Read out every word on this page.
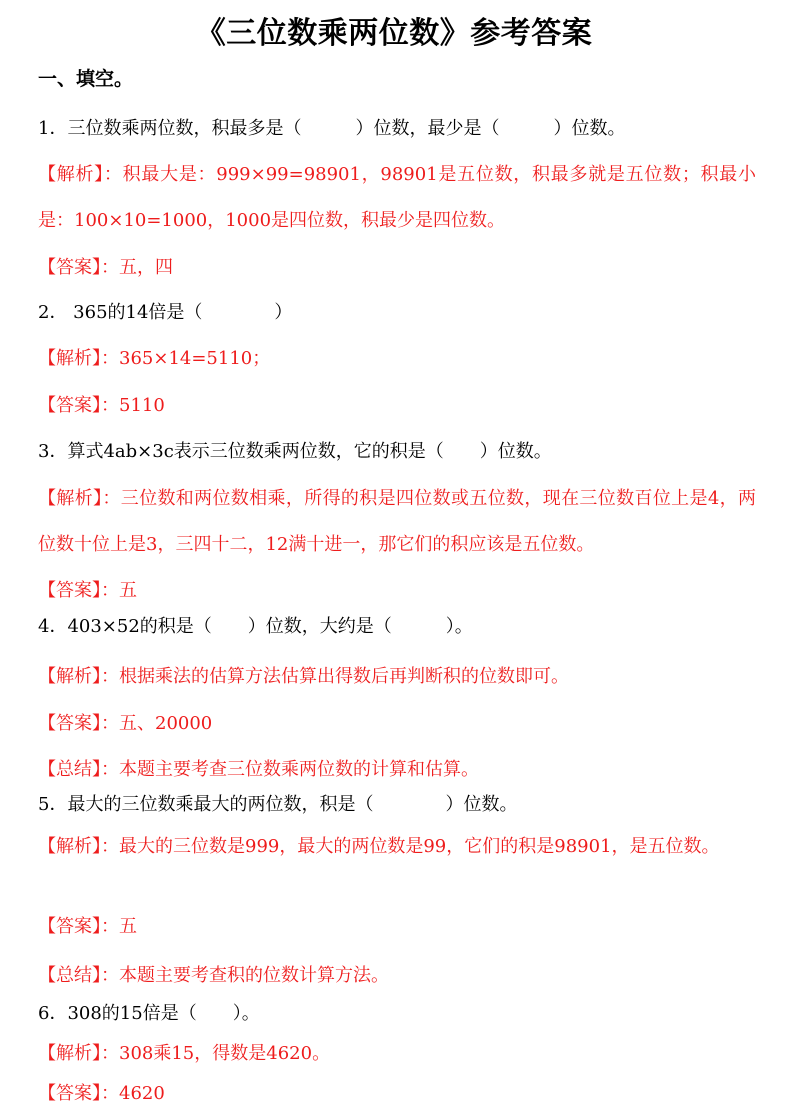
《三位数乘两位数》参考答案
一、填空。
1．三位数乘两位数，积最多是（　　　）位数，最少是（　　　）位数。
【解析】：积最大是：999×99=98901，98901是五位数，积最多就是五位数；积最小是：100×10=1000，1000是四位数，积最少是四位数。
【答案】：五，四
2． 365的14倍是（　　　　）
【解析】：365×14=5110；
【答案】：5110
3．算式4ab×3c表示三位数乘两位数，它的积是（　　）位数。
【解析】：三位数和两位数相乘，所得的积是四位数或五位数，现在三位数百位上是4，两位数十位上是3，三四十二，12满十进一，那它们的积应该是五位数。
【答案】：五
4．403×52的积是（　　）位数，大约是（　　　）。
【解析】：根据乘法的估算方法估算出得数后再判断积的位数即可。
【答案】：五、20000
【总结】：本题主要考查三位数乘两位数的计算和估算。
5．最大的三位数乘最大的两位数，积是（　　　　）位数。
【解析】：最大的三位数是999，最大的两位数是99，它们的积是98901，是五位数。
【答案】：五
【总结】：本题主要考查积的位数计算方法。
6．308的15倍是（　　）。
【解析】：308乘15，得数是4620。
【答案】：4620
